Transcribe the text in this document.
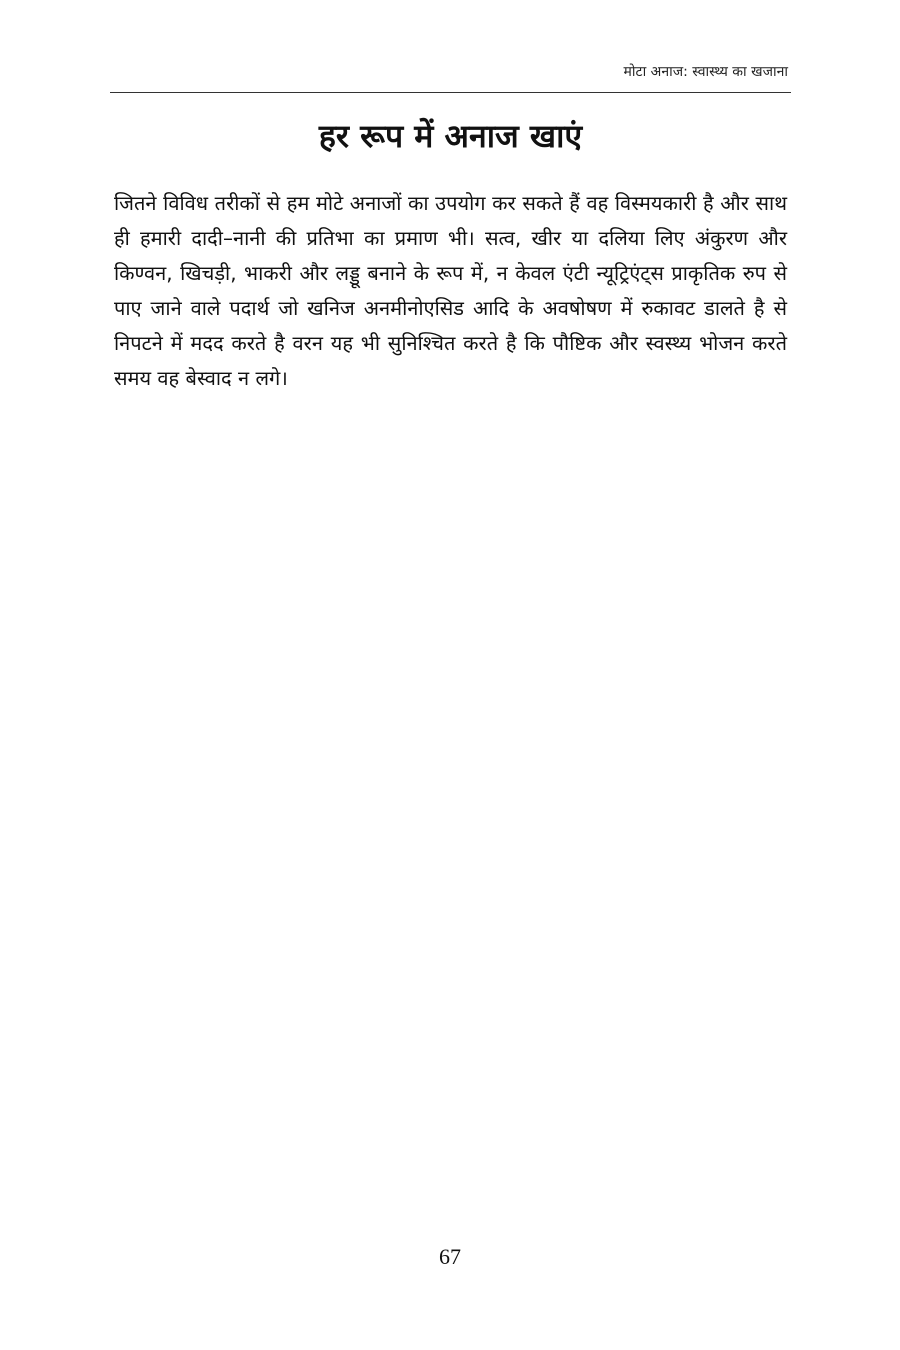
मोटा अनाज: स्वास्थ्य का खजाना
हर रूप में अनाज खाएं

जितने विविध तरीकों से हम मोटे अनाजों का उपयोग कर सकते हैं वह विस्मयकारी है और साथ ही हमारी दादी–नानी की प्रतिभा का प्रमाण भी। सत्व, खीर या दलिया लिए अंकुरण और किण्वन, खिचड़ी, भाकरी और लड्डू बनाने के रूप में, न केवल एंटी न्यूट्रिएंट्स प्राकृतिक रुप से पाए जाने वाले पदार्थ जो खनिज अनमीनोएसिड आदि के अवषोषण में रुकावट डालते है से निपटने में मदद करते है वरन यह भी सुनिश्चित करते है कि पौष्टिक और स्वस्थ्य भोजन करते समय वह बेस्वाद न लगे।

67
